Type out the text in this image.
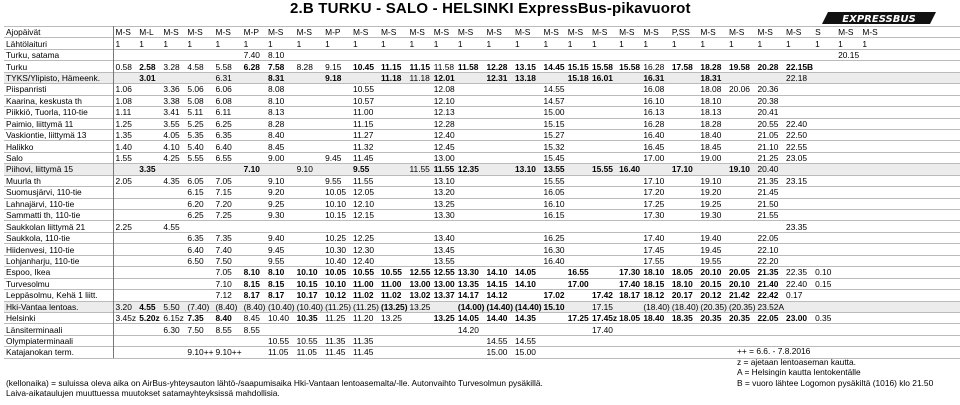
2.B TURKU - SALO - HELSINKI ExpressBus-pikavuorot
EXPRESSBUS
Ajopäivät	M-S	M-L	M-S	M-S	M-S	M-P	M-S	M-S	M-P	M-S	M-S	M-S	M-S	M-S	M-S	M-S	M-S	M-S	M-S	M-S	M-S	P,SS	M-S	M-S	M-S	M-S	S	M-S	M-S				
Lähtölaituri	1	1	1	1	1	1	1	1	1	1	1	1	1	1	1	1	1	1	1	1	1	1	1	1	1	1	1	1	1				
Turku, satama						7.40	8.10																					20.15					
Turku	0.58	2.58	3.28	4.58	5.58	6.28	7.58	8.28	9.15	10.45	11.15	11.15	11.58	11.58	12.28	13.15	14.45	15.15	15.58	15.58	16.28	17.58	18.28	19.58	20.28	22.15B							
TYKS/Ylipisto, Hämeenk.		3.01			6.31		8.31		9.18		11.18	11.18	12.01		12.31	13.18		15.18	16.01		16.31		18.31			22.18							
Piispanristi	1.06		3.36	5.06	6.06		8.08			10.55			12.08				14.55				16.08		18.08	20.06	20.36								
Kaarina, keskusta th	1.08		3.38	5.08	6.08		8.10			10.57			12.10				14.57				16.10		18.10		20.38								
Piikkiö, Tuorla, 110-tie	1.11		3.41	5.11	6.11		8.13			11.00			12.13				15.00				16.13		18.13		20.41								
Paimio, liittymä 11	1.25		3.55	5.25	6.25		8.28			11.15			12.28				15.15				16.28		18.28		20.55	22.40							
Vaskiontie, liittymä 13	1.35		4.05	5.35	6.35		8.40			11.27			12.40				15.27				16.40		18.40		21.05	22.50							
Halikko	1.40		4.10	5.40	6.40		8.45			11.32			12.45				15.32				16.45		18.45		21.10	22.55							
Salo	1.55		4.25	5.55	6.55		9.00		9.45	11.45			13.00				15.45				17.00		19.00		21.25	23.05							
Piihovi, liittymä 15		3.35				7.10		9.10		9.55		11.55	11.55	12.35		13.10	13.55		15.55	16.40		17.10		19.10	20.40								
Muurla th	2.05		4.35	6.05	7.05		9.10		9.55	11.55			13.10				15.55				17.10		19.10		21.35	23.15							
Suomusjärvi, 110-tie				6.15	7.15		9.20		10.05	12.05			13.20				16.05				17.20		19.20		21.45								
Lahnajärvi, 110-tie				6.20	7.20		9.25		10.10	12.10			13.25				16.10				17.25		19.25		21.50								
Sammatti th, 110-tie				6.25	7.25		9.30		10.15	12.15			13.30				16.15				17.30		19.30		21.55								
Saukkolan liittymä 21	2.25		4.55																							23.35							
Saukkola, 110-tie				6.35	7.35		9.40		10.25	12.25			13.40				16.25				17.40		19.40		22.05								
Hiidenvesi, 110-tie				6.40	7.40		9.45		10.30	12.30			13.45				16.30				17.45		19.45		22.10								
Lohjanharju, 110-tie				6.50	7.50		9.55		10.40	12.40			13.55				16.40				17.55		19.55		22.20								
Espoo, Ikea					7.05	8.10	8.10	10.10	10.05	10.55	10.55	12.55	12.55	13.30	14.10	14.05		16.55		17.30	18.10	18.05	20.10	20.05	21.35	22.35	0.10						
Turvesolmu					7.10	8.15	8.15	10.15	10.10	11.00	11.00	13.00	13.00	13.35	14.15	14.10		17.00		17.40	18.15	18.10	20.15	20.10	21.40	22.40	0.15						
Leppäsolmu, Kehä 1 liitt.					7.12	8.17	8.17	10.17	10.12	11.02	11.02	13.02	13.37	14.17	14.12		17.02		17.42	18.17	18.12	20.17	20.12	21.42	22.42	0.17							
Hki-Vantaa lentoas.	3.20	4.55	5.50	(7.40)	(8.40)	(8.40)	(10.40)	(10.40)	(11.25)	(11.25)	(13.25)	13.25		(14.00)	(14.40)	(14.40)	15.10		17.15		(18.40)	(18.40)	(20.35)	(20.35)	23.52A								
Helsinki	3.45z	5.20z	6.15z	7.35	8.40	8.45	10.40	10.35	11.25	11.20	13.25		13.25	14.05	14.40	14.35		17.25	17.45z	18.05	18.40	18.35	20.35	20.35	22.05	23.00	0.35						
Länsiterminaali			6.30	7.50	8.55	8.55								14.20					17.40														
Olympiaterminaali							10.55	10.55	11.35	11.35					14.55	14.55																	
Katajanokan term.				9.10++	9.10++		11.05	11.05	11.45	11.45					15.00	15.00																	
(kellonaika) = suluissa oleva aika on AirBus-yhteysauton lähtö-/saapumisaika Hki-Vantaan lentoasemalta/-lle. Autonvaihto Turvesolmun pysäkillä.
Laiva-aikataulujen muuttuessa muutokset satamayhteyksissä mahdollisia.
++ = 6.6. - 7.8.2016
z = ajetaan lentoaseman kautta.
A = Helsingin kautta lentokentälle
B = vuoro lähtee Logomon pysäkiltä (1016) klo 21.50
